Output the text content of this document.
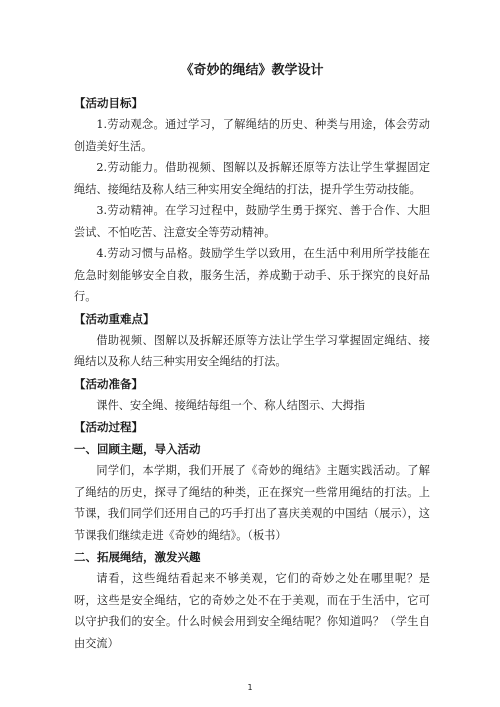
《奇妙的绳结》教学设计

【活动目标】

1.劳动观念。通过学习，了解绳结的历史、种类与用途，体会劳动创造美好生活。

2.劳动能力。借助视频、图解以及拆解还原等方法让学生掌握固定绳结、接绳结及称人结三种实用安全绳结的打法，提升学生劳动技能。

3.劳动精神。在学习过程中，鼓励学生勇于探究、善于合作、大胆尝试、不怕吃苦、注意安全等劳动精神。

4.劳动习惯与品格。鼓励学生学以致用，在生活中利用所学技能在危急时刻能够安全自救，服务生活，养成勤于动手、乐于探究的良好品行。

【活动重难点】

借助视频、图解以及拆解还原等方法让学生学习掌握固定绳结、接绳结以及称人结三种实用安全绳结的打法。

【活动准备】

课件、安全绳、接绳结每组一个、称人结图示、大拇指

【活动过程】

一、回顾主题，导入活动

同学们，本学期，我们开展了《奇妙的绳结》主题实践活动。了解了绳结的历史，探寻了绳结的种类，正在探究一些常用绳结的打法。上节课，我们同学们还用自己的巧手打出了喜庆美观的中国结（展示），这节课我们继续走进《奇妙的绳结》。（板书）

二、拓展绳结，激发兴趣

请看，这些绳结看起来不够美观，它们的奇妙之处在哪里呢？是呀，这些是安全绳结，它的奇妙之处不在于美观，而在于生活中，它可以守护我们的安全。什么时候会用到安全绳结呢？你知道吗？（学生自由交流）

1
